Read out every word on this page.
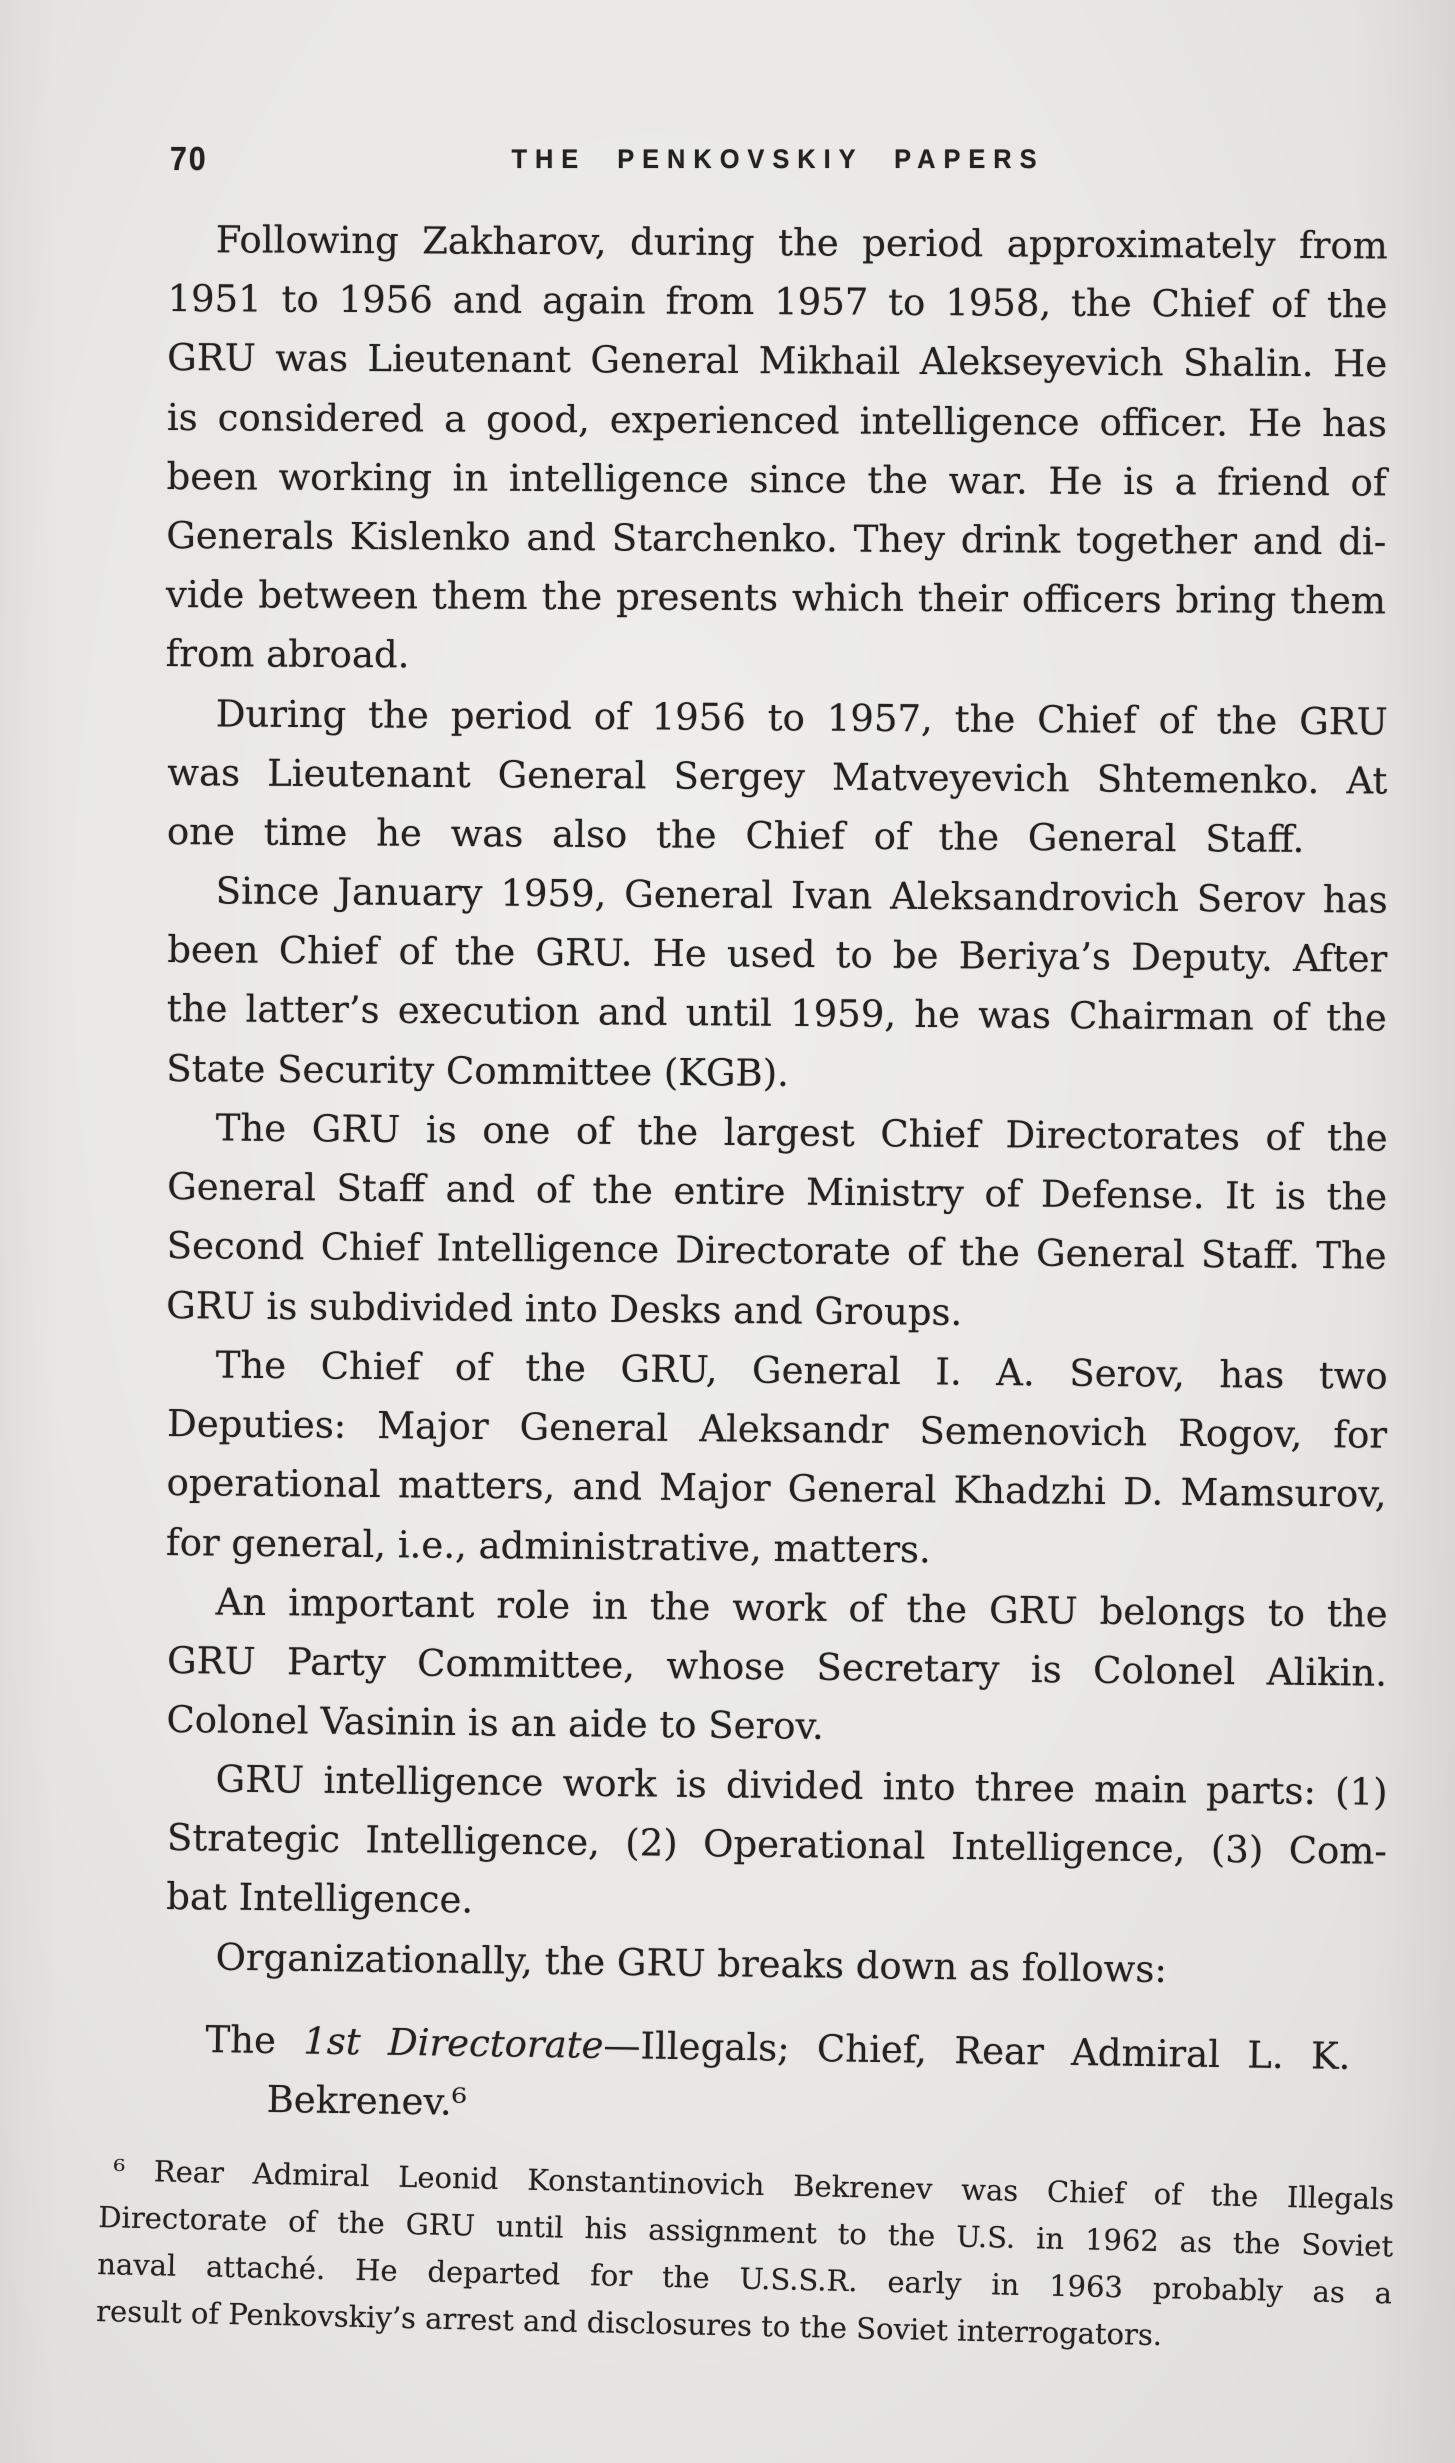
70	THE PENKOVSKIY PAPERS
Following Zakharov, during the period approximately from
1951 to 1956 and again from 1957 to 1958, the Chief of the
GRU was Lieutenant General Mikhail Alekseyevich Shalin. He
is considered a good, experienced intelligence officer. He has
been working in intelligence since the war. He is a friend of
Generals Kislenko and Starchenko. They drink together and di-
vide between them the presents which their officers bring them
from abroad.
During the period of 1956 to 1957, the Chief of the GRU
was Lieutenant General Sergey Matveyevich Shtemenko. At
one time he was also the Chief of the General Staff.
Since January 1959, General Ivan Aleksandrovich Serov has
been Chief of the GRU. He used to be Beriya’s Deputy. After
the latter’s execution and until 1959, he was Chairman of the
State Security Committee (KGB).
The GRU is one of the largest Chief Directorates of the
General Staff and of the entire Ministry of Defense. It is the
Second Chief Intelligence Directorate of the General Staff. The
GRU is subdivided into Desks and Groups.
The Chief of the GRU, General I. A. Serov, has two
Deputies: Major General Aleksandr Semenovich Rogov, for
operational matters, and Major General Khadzhi D. Mamsurov,
for general, i.e., administrative, matters.
An important role in the work of the GRU belongs to the
GRU Party Committee, whose Secretary is Colonel Alikin.
Colonel Vasinin is an aide to Serov.
GRU intelligence work is divided into three main parts: (1)
Strategic Intelligence, (2) Operational Intelligence, (3) Com-
bat Intelligence.
Organizationally, the GRU breaks down as follows:
The 1st Directorate—Illegals; Chief, Rear Admiral L. K.
Bekrenev.⁶
⁶ Rear Admiral Leonid Konstantinovich Bekrenev was Chief of the Illegals
Directorate of the GRU until his assignment to the U.S. in 1962 as the Soviet
naval attaché. He departed for the U.S.S.R. early in 1963 probably as a
result of Penkovskiy’s arrest and disclosures to the Soviet interrogators.
